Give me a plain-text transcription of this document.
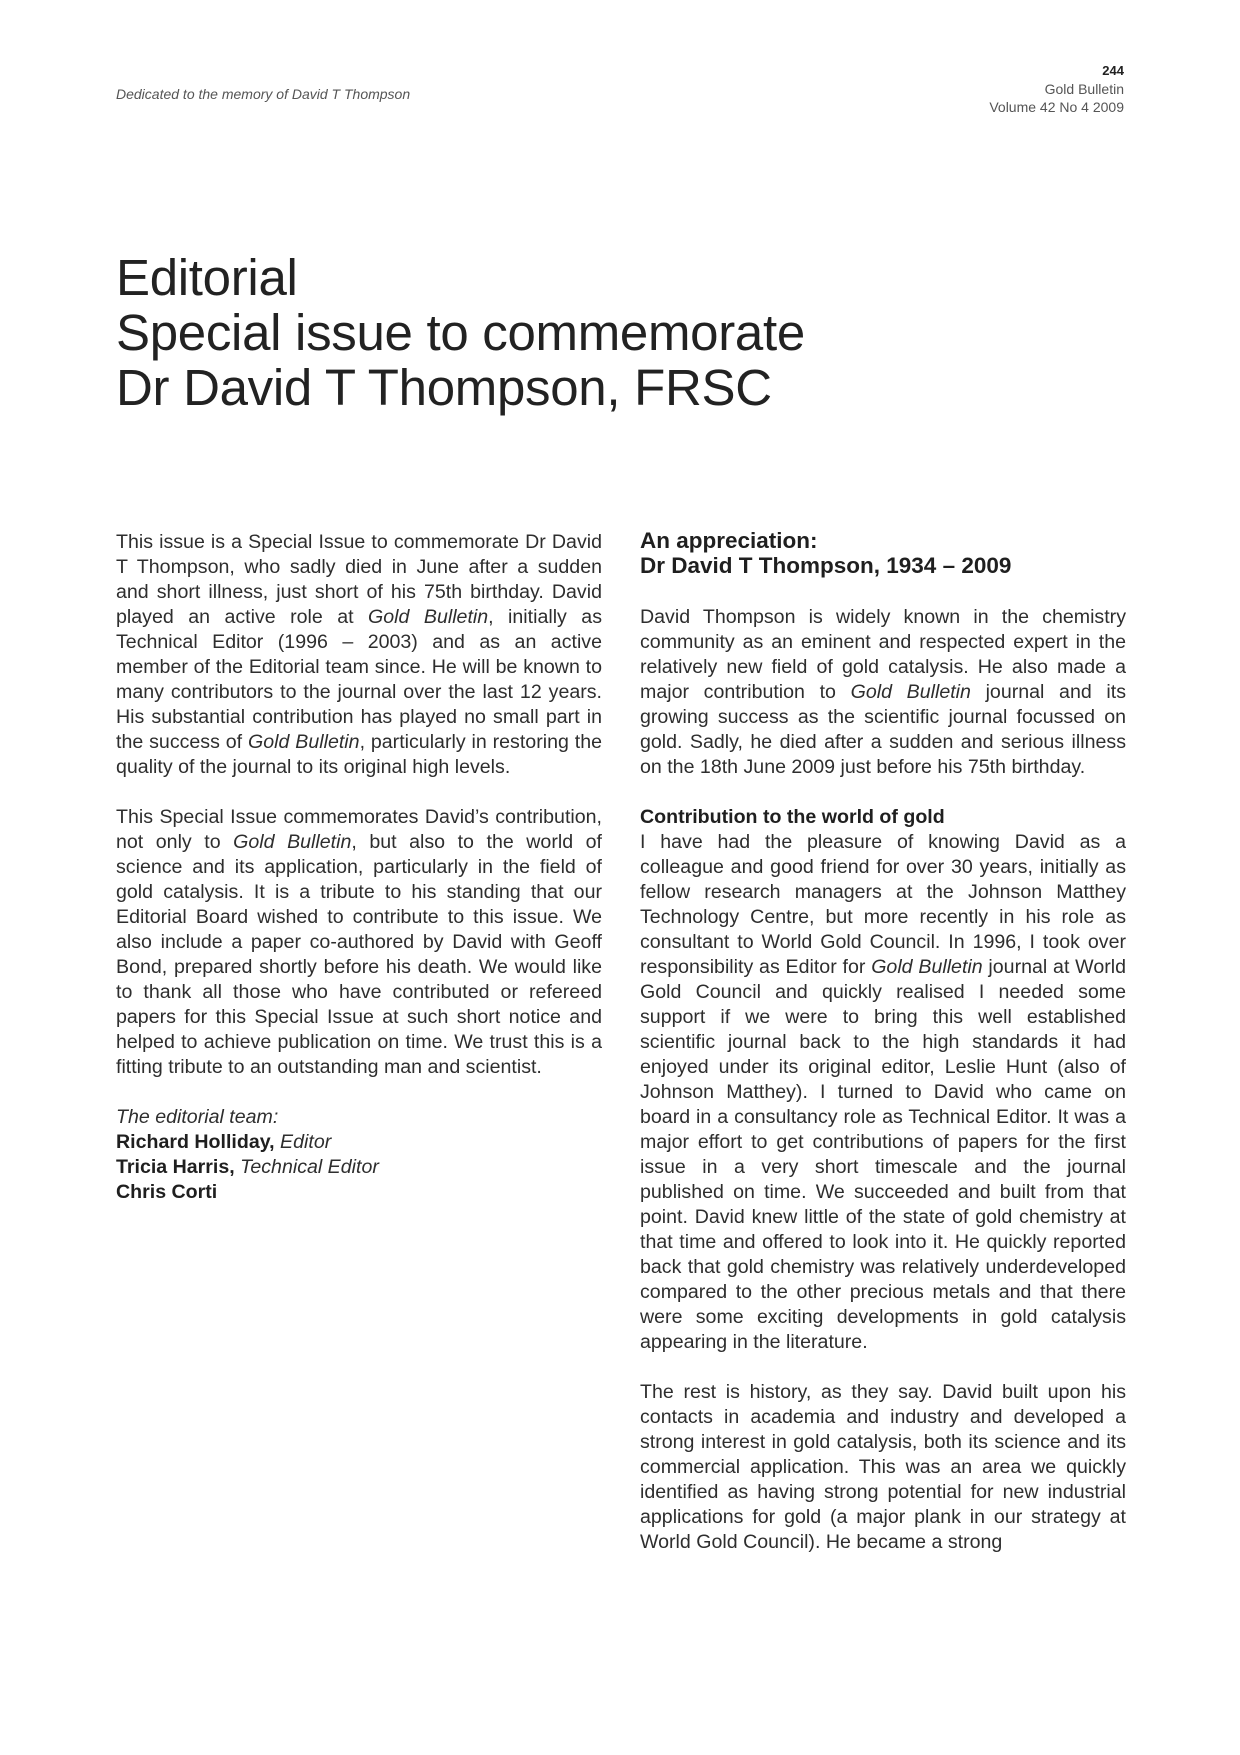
Dedicated to the memory of David T Thompson
244
Gold Bulletin
Volume 42 No 4 2009
Editorial
Special issue to commemorate
Dr David T Thompson, FRSC

This issue is a Special Issue to commemorate Dr David T Thompson, who sadly died in June after a sudden and short illness, just short of his 75th birthday. David played an active role at Gold Bulletin, initially as Technical Editor (1996 – 2003) and as an active member of the Editorial team since. He will be known to many contributors to the journal over the last 12 years. His substantial contribution has played no small part in the success of Gold Bulletin, particularly in restoring the quality of the journal to its original high levels.

This Special Issue commemorates David’s contribution, not only to Gold Bulletin, but also to the world of science and its application, particularly in the field of gold catalysis. It is a tribute to his standing that our Editorial Board wished to contribute to this issue. We also include a paper co-authored by David with Geoff Bond, prepared shortly before his death. We would like to thank all those who have contributed or refereed papers for this Special Issue at such short notice and helped to achieve publication on time. We trust this is a fitting tribute to an outstanding man and scientist.

The editorial team:
Richard Holliday, Editor
Tricia Harris, Technical Editor
Chris Corti
An appreciation:
Dr David T Thompson, 1934 – 2009

David Thompson is widely known in the chemistry community as an eminent and respected expert in the relatively new field of gold catalysis. He also made a major contribution to Gold Bulletin journal and its growing success as the scientific journal focussed on gold. Sadly, he died after a sudden and serious illness on the 18th June 2009 just before his 75th birthday.

Contribution to the world of gold

I have had the pleasure of knowing David as a colleague and good friend for over 30 years, initially as fellow research managers at the Johnson Matthey Technology Centre, but more recently in his role as consultant to World Gold Council. In 1996, I took over responsibility as Editor for Gold Bulletin journal at World Gold Council and quickly realised I needed some support if we were to bring this well established scientific journal back to the high standards it had enjoyed under its original editor, Leslie Hunt (also of Johnson Matthey). I turned to David who came on board in a consultancy role as Technical Editor. It was a major effort to get contributions of papers for the first issue in a very short timescale and the journal published on time. We succeeded and built from that point. David knew little of the state of gold chemistry at that time and offered to look into it. He quickly reported back that gold chemistry was relatively underdeveloped compared to the other precious metals and that there were some exciting developments in gold catalysis appearing in the literature.

The rest is history, as they say. David built upon his contacts in academia and industry and developed a strong interest in gold catalysis, both its science and its commercial application. This was an area we quickly identified as having strong potential for new industrial applications for gold (a major plank in our strategy at World Gold Council). He became a strong
